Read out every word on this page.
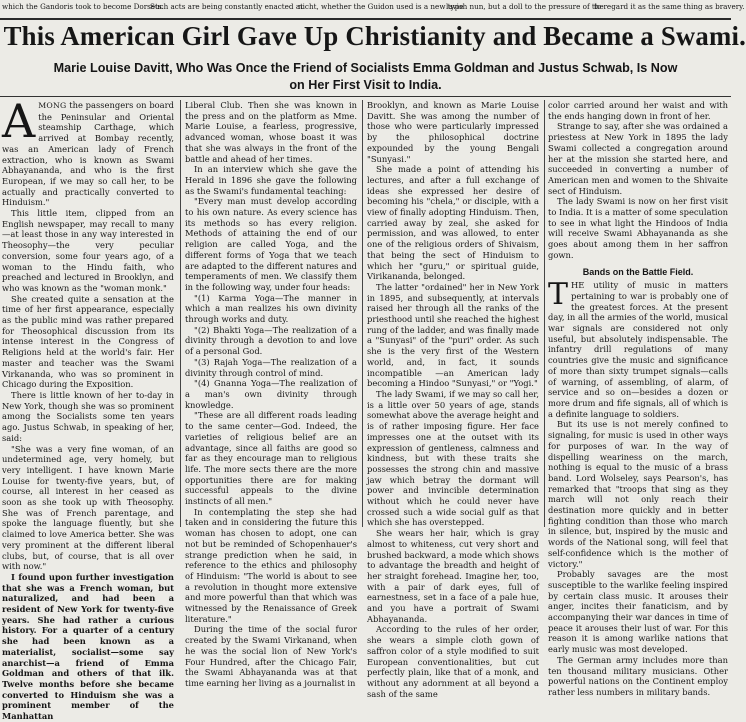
which the Gandoris took to become Dorsets.
Such acts are being constantly enacted at
nicht, whether the Guidon used is a new type
lavish nun, but a doll to the pressure of the
to regard it as the same thing as bravery.
This American Girl Gave Up Christianity and Became a Swami.
Marie Louise Davitt, Who Was Once the Friend of Socialists Emma Goldman and Justus Schwab, Is Now
on Her First Visit to India.

AMONG the passengers on board the Peninsular and Oriental steamship Carthage, which arrived at Bombay recently, was an American lady of French extraction, who is known as Swami Abhayananda, and who is the first European, if we may so call her, to be actually and practically converted to Hinduism."

This little item, clipped from an English newspaper, may recall to many—at least those in any way interested in Theosophy—the very peculiar conversion, some four years ago, of a woman to the Hindu faith, who preached and lectured in Brooklyn, and who was known as the "woman monk."

She created quite a sensation at the time of her first appearance, especially as the public mind was rather prepared for Theosophical discussion from its intense interest in the Congress of Religions held at the world's fair. Her master and teacher was the Swami Virkananda, who was so prominent in Chicago during the Exposition.

There is little known of her to-day in New York, though she was so prominent among the Socialists some ten years ago. Justus Schwab, in speaking of her, said:

"She was a very fine woman, of an undetermined age, very homely, but very intelligent. I have known Marie Louise for twenty-five years, but, of course, all interest in her ceased as soon as she took up with Theosophy. She was of French parentage, and spoke the language fluently, but she claimed to love America better. She was very prominent at the different liberal clubs, but, of course, that is all over with now."

I found upon further investigation that she was a French woman, but naturalized, and had been a resident of New York for twenty-five years. She had rather a curious history. For a quarter of a century she had been known as a materialist, socialist—some say anarchist—a friend of Emma Goldman and others of that ilk. Twelve months before she became converted to Hinduism she was a prominent member of the Manhattan

Liberal Club. Then she was known in the press and on the platform as Mme. Marie Louise, a fearless, progressive, advanced woman, whose boast it was that she was always in the front of the battle and ahead of her times.

In an interview which she gave the Herald in 1896 she gave the following as the Swami's fundamental teaching:

"Every man must develop according to his own nature. As every science has its methods so has every religion. Methods of attaining the end of our religion are called Yoga, and the different forms of Yoga that we teach are adapted to the different natures and temperaments of men. We classify them in the following way, under four heads:

"(1) Karma Yoga—The manner in which a man realizes his own divinity through works and duty.

"(2) Bhakti Yoga—The realization of a divinity through a devotion to and love of a personal God.

"(3) Rajah Yoga—The realization of a divinity through control of mind.

"(4) Gnanna Yoga—The realization of a man's own divinity through knowledge.

"These are all different roads leading to the same center—God. Indeed, the varieties of religious belief are an advantage, since all faiths are good so far as they encourage man to religious life. The more sects there are the more opportunities there are for making successful appeals to the divine instincts of all men."

In contemplating the step she had taken and in considering the future this woman has chosen to adopt, one can not but be reminded of Schopenhauer's strange prediction when he said, in reference to the ethics and philosophy of Hinduism: "The world is about to see a revolution in thought more extensive and more powerful than that which was witnessed by the Renaissance of Greek literature."

During the time of the social furor created by the Swami Virkanand, when he was the social lion of New York's Four Hundred, after the Chicago Fair, the Swami Abhayananda was at that time earning her living as a journalist in

Brooklyn, and known as Marie Louise Davitt. She was among the number of those who were particularly impressed by the philosophical doctrine expounded by the young Bengali "Sunyasi."

She made a point of attending his lectures, and after a full exchange of ideas she expressed her desire of becoming his "chela," or disciple, with a view of finally adopting Hinduism. Then, carried away by zeal, she asked for permission, and was allowed, to enter one of the religious orders of Shivaism, that being the sect of Hinduism to which her "guru," or spiritual guide, Virikananda, belonged.

The latter "ordained" her in New York in 1895, and subsequently, at intervals raised her through all the ranks of the priesthood until she reached the highest rung of the ladder, and was finally made a "Sunyasi" of the "puri" order. As such she is the very first of the Western world, and, in fact, it sounds incompatible —an American lady becoming a Hindoo "Sunyasi," or "Yogi."

The lady Swami, if we may so call her, is a little over 50 years of age, stands somewhat above the average height and is of rather imposing figure. Her face impresses one at the outset with its expression of gentleness, calmness and kindness, but with these traits she possesses the strong chin and massive jaw which betray the dormant will power and invincible determination without which he could never have crossed such a wide social gulf as that which she has overstepped.

She wears her hair, which is gray almost to whiteness, cut very short and brushed backward, a mode which shows to advantage the breadth and height of her straight forehead. Imagine her, too, with a pair of dark eyes, full of earnestness, set in a face of a pale hue, and you have a portrait of Swami Abhayananda.

According to the rules of her order, she wears a simple cloth gown of saffron color of a style modified to suit European conventionalities, but cut perfectly plain, like that of a monk, and without any adornment at all beyond a sash of the same

color carried around her waist and with the ends hanging down in front of her.

Strange to say, after she was ordained a priestess at New York in 1895 the lady Swami collected a congregation around her at the mission she started here, and succeeded in converting a number of American men and women to the Shivaite sect of Hinduism.

The lady Swami is now on her first visit to India. It is a matter of some speculation to see in what light the Hindoos of India will receive Swami Abhayananda as she goes about among them in her saffron gown.

Bands on the Battle Field.

THE utility of music in matters pertaining to war is probably one of the greatest forces. At the present day, in all the armies of the world, musical war signals are considered not only useful, but absolutely indispensable. The infantry drill regulations of many countries give the music and significance of more than sixty trumpet signals—calls of warning, of assembling, of alarm, of service and so on—besides a dozen or more drum and fife signals, all of which is a definite language to soldiers.

But its use is not merely confined to signaling, for music is used in other ways for purposes of war. In the way of dispelling weariness on the march, nothing is equal to the music of a brass band. Lord Wolseley, says Pearson's, has remarked that "troops that sing as they march will not only reach their destination more quickly and in better fighting condition than those who march in silence, but, inspired by the music and words of the National song, will feel that self-confidence which is the mother of victory."

Probably savages are the most susceptible to the warlike feeling inspired by certain class music. It arouses their anger, incites their fanaticism, and by accompanying their war dances in time of peace it arouses their lust of war. For this reason it is among warlike nations that early music was most developed.

The German army includes more than ten thousand military musicians. Other powerful nations on the Continent employ rather less numbers in military bands.
